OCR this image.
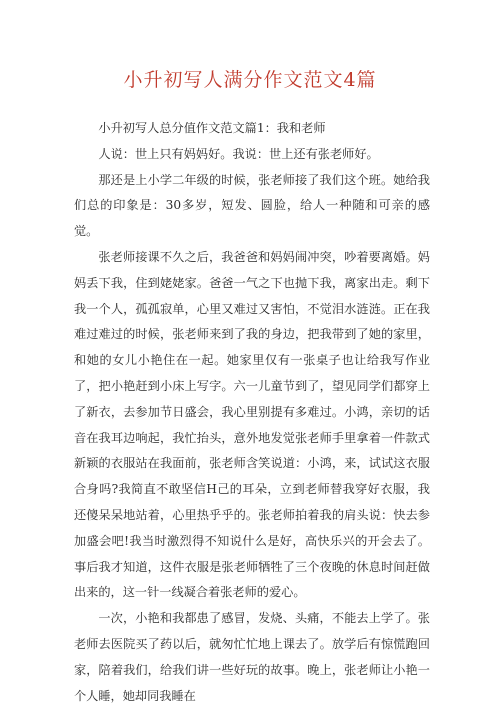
小升初写人满分作文范文4篇

小升初写人总分值作文范文篇1：我和老师

人说：世上只有妈妈好。我说：世上还有张老师好。

那还是上小学二年级的时候，张老师接了我们这个班。她给我们总的印象是：30多岁，短发、圆脸，给人一种随和可亲的感觉。

张老师接课不久之后，我爸爸和妈妈闹冲突，吵着要离婚。妈妈丢下我，住到姥姥家。爸爸一气之下也抛下我，离家出走。剩下我一个人，孤孤寂单，心里又难过又害怕，不觉泪水涟涟。正在我难过难过的时候，张老师来到了我的身边，把我带到了她的家里，和她的女儿小艳住在一起。她家里仅有一张桌子也让给我写作业了，把小艳赶到小床上写字。六一儿童节到了，望见同学们都穿上了新衣，去参加节日盛会，我心里别提有多难过。小鸿，亲切的话音在我耳边响起，我忙抬头，意外地发觉张老师手里拿着一件款式新颖的衣服站在我面前，张老师含笑说道：小鸿，来，试试这衣服合身吗?我简直不敢坚信H己的耳朵，立到老师替我穿好衣服，我还傻呆呆地站着，心里热乎乎的。张老师拍着我的肩头说：快去参加盛会吧!我当时激烈得不知说什么是好，高快乐兴的开会去了。事后我才知道，这件衣服是张老师牺牲了三个夜晚的休息时间赶做出来的，这一针一线凝合着张老师的爱心。

一次，小艳和我都患了感冒，发烧、头痛，不能去上学了。张老师去医院买了药以后，就匆忙忙地上课去了。放学后有惊慌跑回家，陪着我们，给我们讲一些好玩的故事。晚上，张老师让小艳一个人睡，她却同我睡在
